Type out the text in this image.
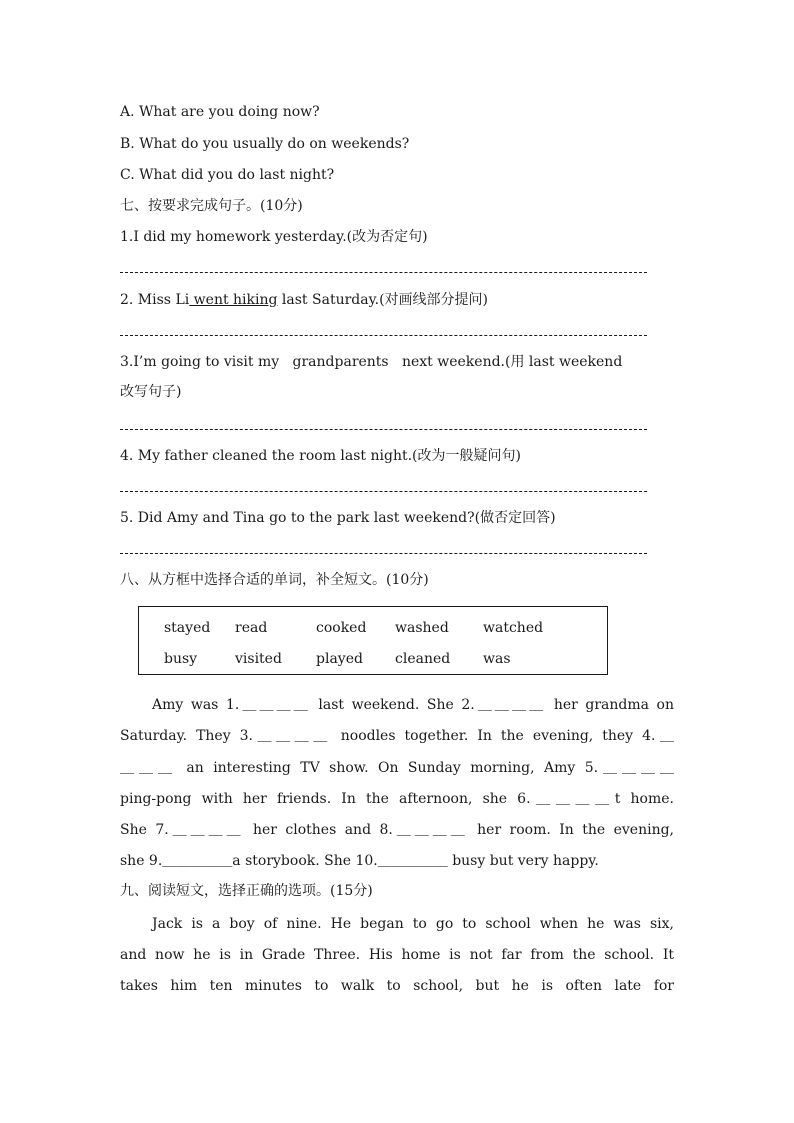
A. What are you doing now?
B. What do you usually do on weekends?
C. What did you do last night?
七、按要求完成句子。(10分)
1.I did my homework yesterday.(改为否定句)
2. Miss Li went hiking last Saturday.(对画线部分提问)
3.I’m going to visit my   grandparents   next weekend.(用 last weekend
改写句子)
4. My father cleaned the room last night.(改为一般疑问句)
5. Did Amy and Tina go to the park last weekend?(做否定回答)
八、从方框中选择合适的单词，补全短文。(10分)
stayed read	cooked washed watched
busy	visited played cleaned was
Amy was 1.＿＿＿＿ last weekend. She 2.＿＿＿＿ her grandma on
Saturday. They 3.＿＿＿＿ noodles together. In the evening, they 4.＿
＿＿＿ an interesting TV show. On Sunday morning, Amy 5.＿＿＿＿
ping-pong with her friends. In the afternoon, she 6.＿＿＿＿t home.
She 7.＿＿＿＿ her clothes and 8.＿＿＿＿ her room. In the evening,
she 9.＿＿＿＿＿a storybook. She 10.＿＿＿＿＿ busy but very happy.
九、阅读短文，选择正确的选项。(15分)
Jack is a boy of nine. He began to go to school when he was six,
and now he is in Grade Three. His home is not far from the school. It
takes him ten minutes to walk to school, but he is often late for
